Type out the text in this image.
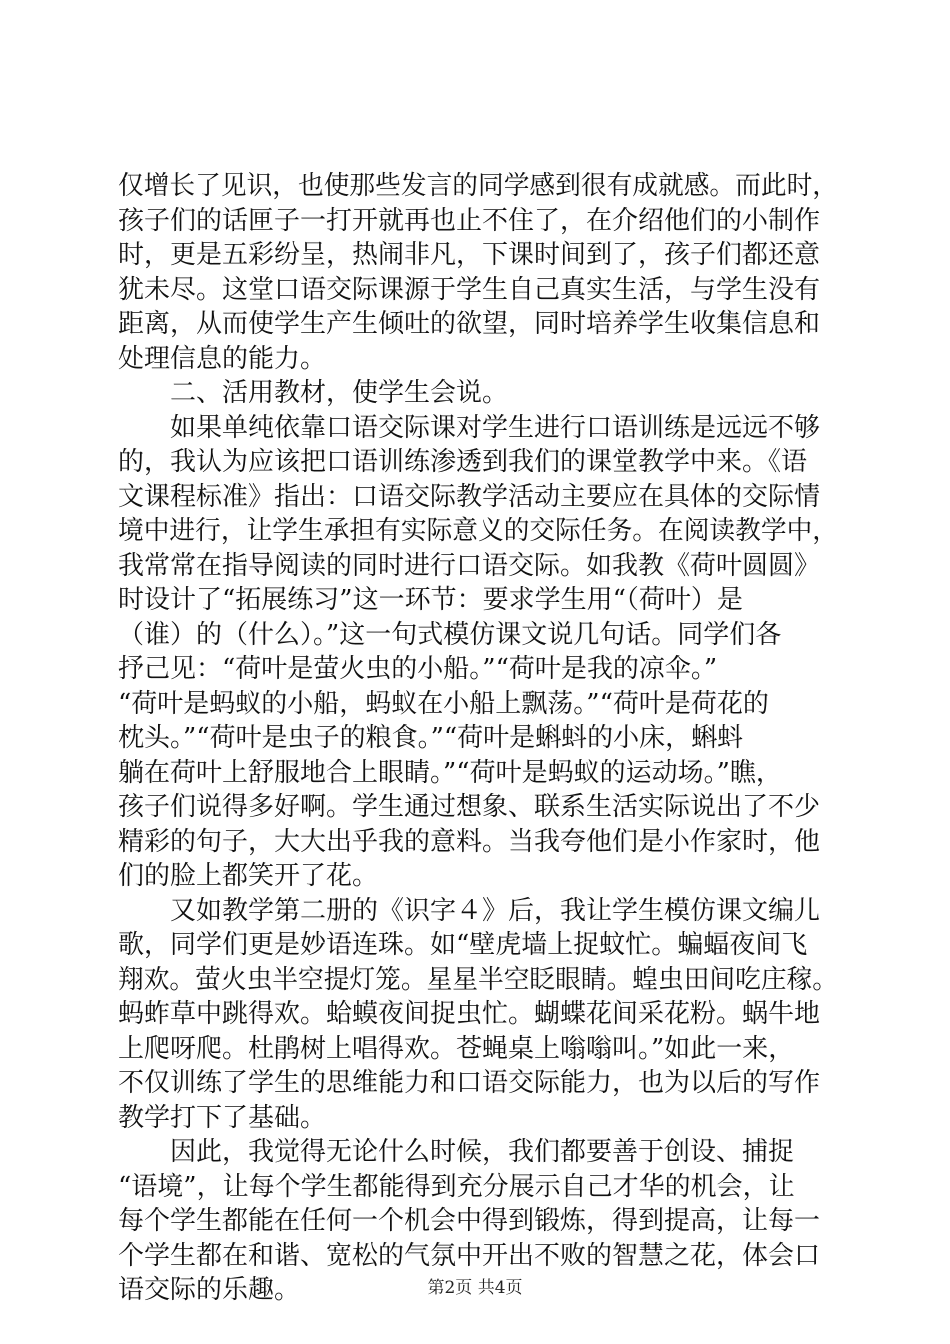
仅增长了见识，也使那些发言的同学感到很有成就感。而此时，
孩子们的话匣子一打开就再也止不住了，在介绍他们的小制作
时，更是五彩纷呈，热闹非凡，下课时间到了，孩子们都还意
犹未尽。这堂口语交际课源于学生自己真实生活，与学生没有
距离，从而使学生产生倾吐的欲望，同时培养学生收集信息和
处理信息的能力。
　　二、活用教材，使学生会说。
　　如果单纯依靠口语交际课对学生进行口语训练是远远不够
的，我认为应该把口语训练渗透到我们的课堂教学中来。《语
文课程标准》指出：口语交际教学活动主要应在具体的交际情
境中进行，让学生承担有实际意义的交际任务。在阅读教学中，
我常常在指导阅读的同时进行口语交际。如我教《荷叶圆圆》
时设计了“拓展练习”这一环节：要求学生用“（荷叶）是
（谁）的（什么）。”这一句式模仿课文说几句话。同学们各
抒己见：“荷叶是萤火虫的小船。”“荷叶是我的凉伞。”
“荷叶是蚂蚁的小船，蚂蚁在小船上飘荡。”“荷叶是荷花的
枕头。”“荷叶是虫子的粮食。”“荷叶是蝌蚪的小床，蝌蚪
躺在荷叶上舒服地合上眼睛。”“荷叶是蚂蚁的运动场。”瞧，
孩子们说得多好啊。学生通过想象、联系生活实际说出了不少
精彩的句子，大大出乎我的意料。当我夸他们是小作家时，他
们的脸上都笑开了花。
　　又如教学第二册的《识字４》后，我让学生模仿课文编儿
歌，同学们更是妙语连珠。如“壁虎墙上捉蚊忙。蝙蝠夜间飞
翔欢。萤火虫半空提灯笼。星星半空眨眼睛。蝗虫田间吃庄稼。
蚂蚱草中跳得欢。蛤蟆夜间捉虫忙。蝴蝶花间采花粉。蜗牛地
上爬呀爬。杜鹃树上唱得欢。苍蝇桌上嗡嗡叫。”如此一来，
不仅训练了学生的思维能力和口语交际能力，也为以后的写作
教学打下了基础。
　　因此，我觉得无论什么时候，我们都要善于创设、捕捉
“语境”，让每个学生都能得到充分展示自己才华的机会，让
每个学生都能在任何一个机会中得到锻炼，得到提高，让每一
个学生都在和谐、宽松的气氛中开出不败的智慧之花，体会口
语交际的乐趣。	第2页 共4页
